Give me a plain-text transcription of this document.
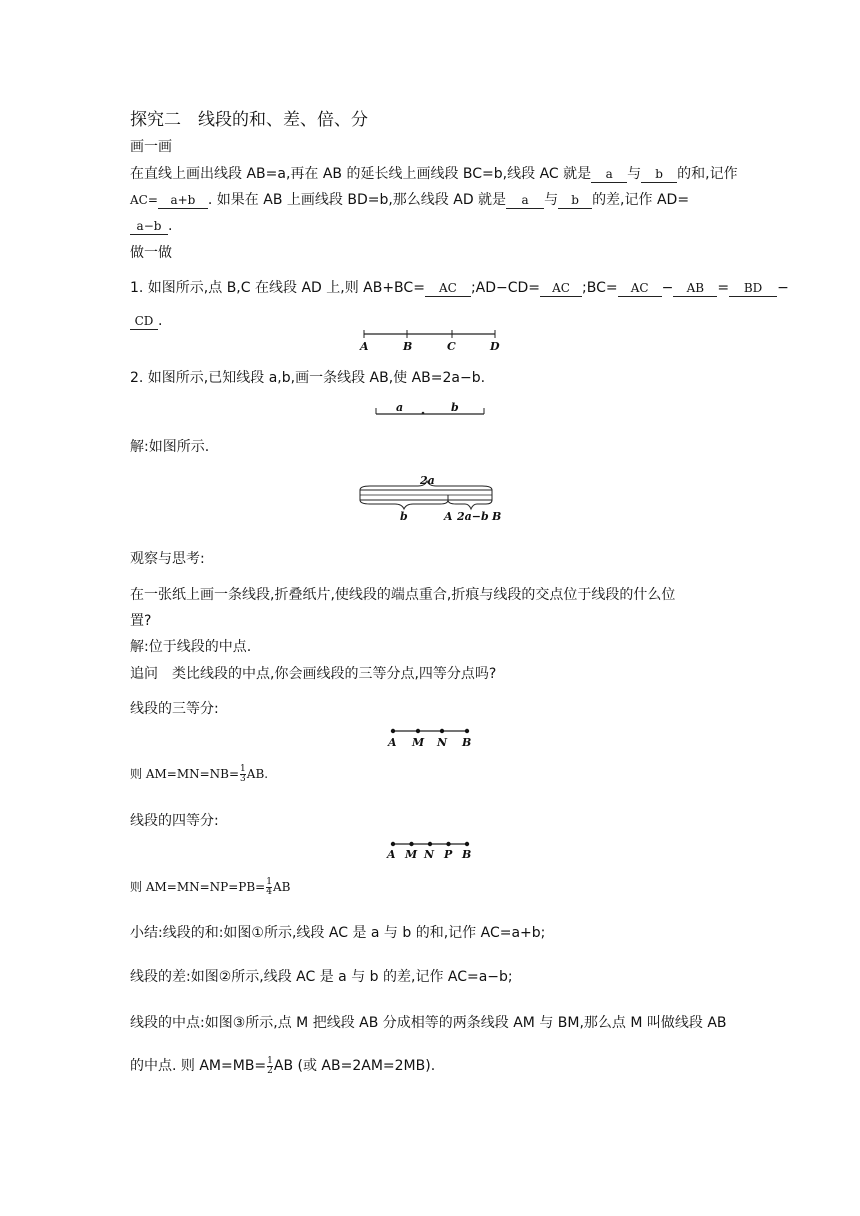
探究二　线段的和、差、倍、分
画一画
在直线上画出线段 AB=a,再在 AB 的延长线上画线段 BC=b,线段 AC 就是 a 与 b 的和,记作
AC= a+b . 如果在 AB 上画线段 BD=b,那么线段 AD 就是 a 与 b 的差,记作 AD=
a−b .
做一做
1. 如图所示,点 B,C 在线段 AD 上,则 AB+BC= AC ;AD−CD= AC ;BC= AC − AB = BD −
CD .
A	B	C	D
a	b
2a
b	A 2a−b B
A M N B
A M N P B
2. 如图所示,已知线段 a,b,画一条线段 AB,使 AB=2a−b.
解:如图所示.
观察与思考:
在一张纸上画一条线段,折叠纸片,使线段的端点重合,折痕与线段的交点位于线段的什么位
置?
解:位于线段的中点.
追问　类比线段的中点,你会画线段的三等分点,四等分点吗?
线段的三等分:
则 $AM=MN=NB= \frac{1}{3}$ AB.
线段的四等分:
则 $AM=MN=NP=PB= \frac{1}{4}$ AB
小结:线段的和:如图①所示,线段 AC 是 a 与 b 的和,记作 AC=a+b;
线段的差:如图②所示,线段 AC 是 a 与 b 的差,记作 AC=a−b;
线段的中点:如图③所示,点 M 把线段 AB 分成相等的两条线段 AM 与 BM,那么点 M 叫做线段 AB
的中点. 则 $AM=MB= \frac{1}{2}$ AB (或 AB=2AM=2MB).
